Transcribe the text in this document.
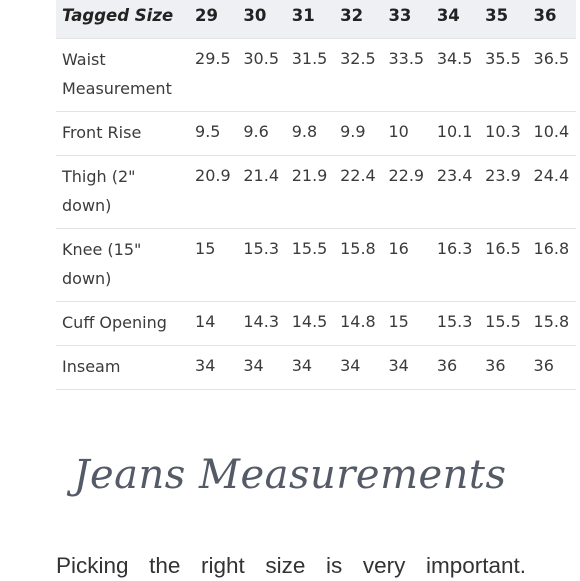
Tagged Size	29	30	31	32	33	34	35	36
Waist Measurement	29.5	30.5	31.5	32.5	33.5	34.5	35.5	36.5
Front Rise	9.5	9.6	9.8	9.9	10	10.1	10.3	10.4
Thigh (2" down)	20.9	21.4	21.9	22.4	22.9	23.4	23.9	24.4
Knee (15" down)	15	15.3	15.5	15.8	16	16.3	16.5	16.8
Cuff Opening	14	14.3	14.5	14.8	15	15.3	15.5	15.8
Inseam	34	34	34	34	34	36	36	36
Jeans Measurements

Picking the right size is very important.
